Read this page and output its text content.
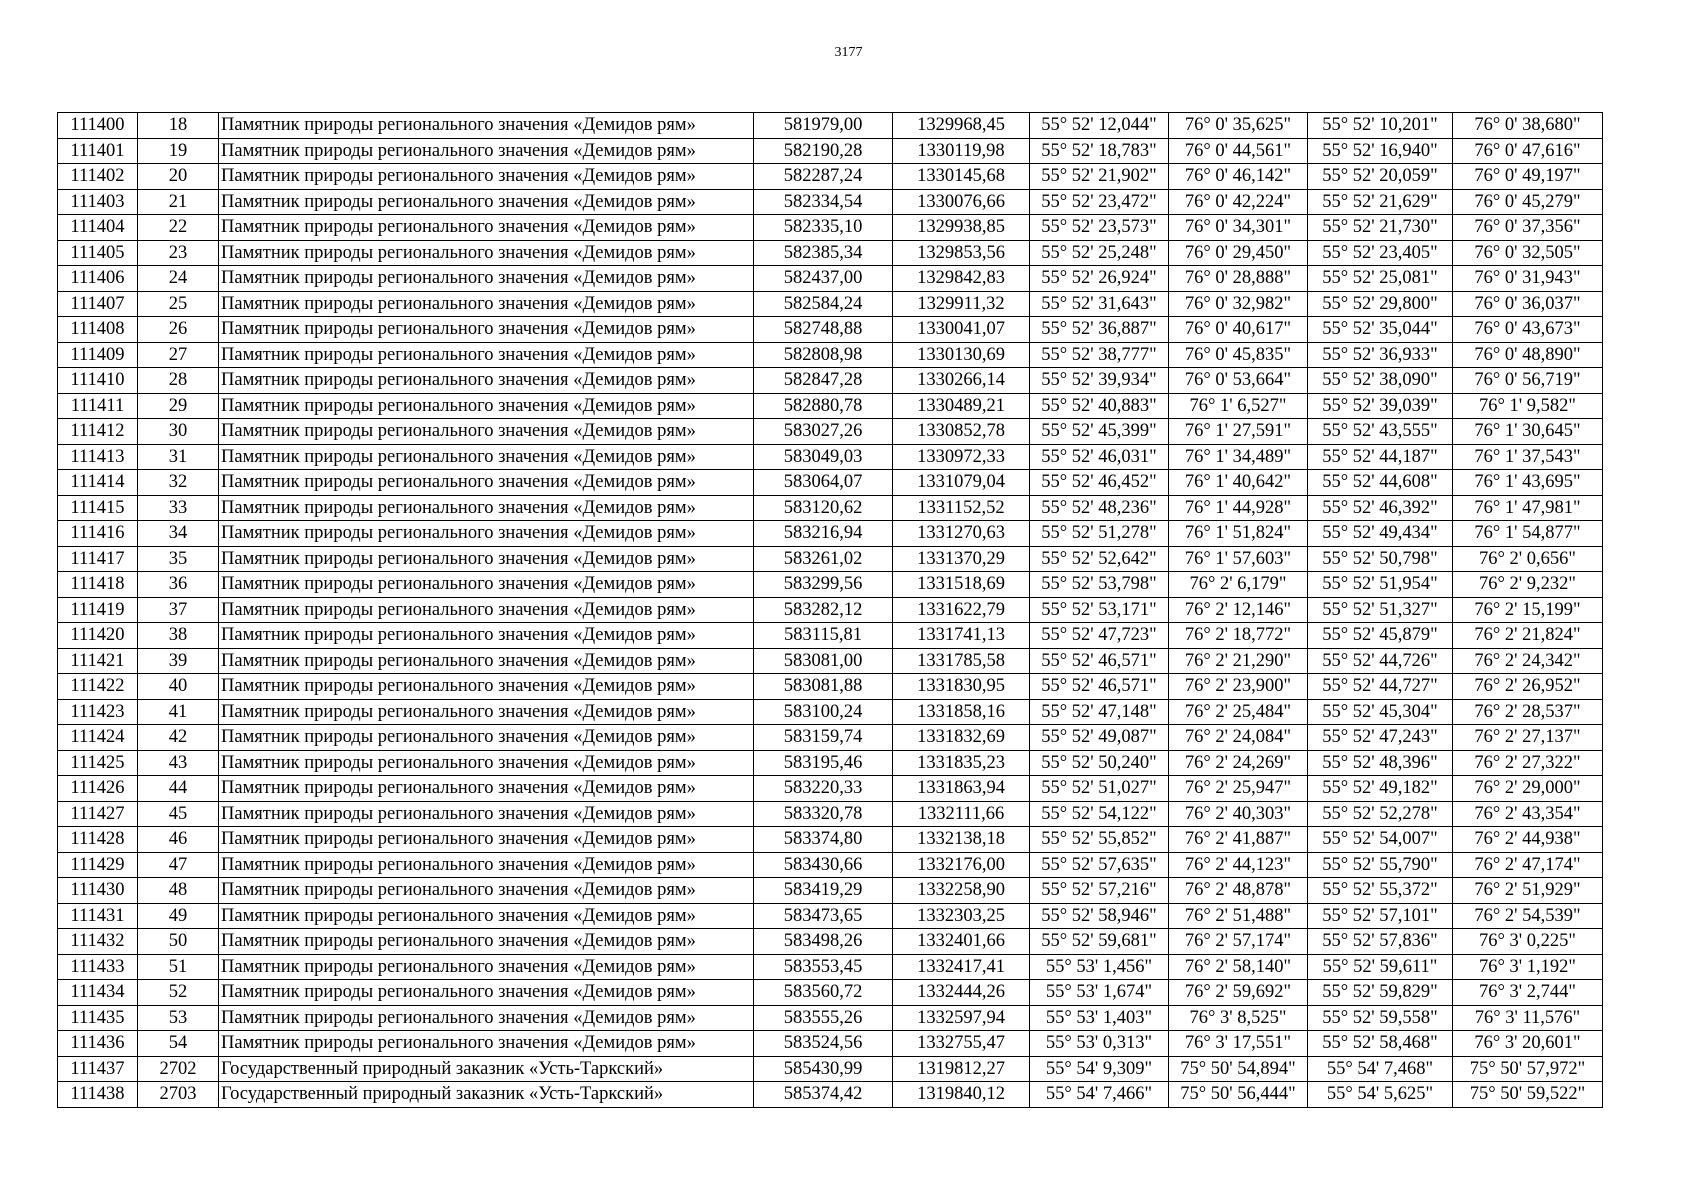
3177
111400	18	Памятник природы регионального значения «Демидов рям»	581979,00	1329968,45	55° 52' 12,044"	76° 0' 35,625"	55° 52' 10,201"	76° 0' 38,680"
111401	19	Памятник природы регионального значения «Демидов рям»	582190,28	1330119,98	55° 52' 18,783"	76° 0' 44,561"	55° 52' 16,940"	76° 0' 47,616"
111402	20	Памятник природы регионального значения «Демидов рям»	582287,24	1330145,68	55° 52' 21,902"	76° 0' 46,142"	55° 52' 20,059"	76° 0' 49,197"
111403	21	Памятник природы регионального значения «Демидов рям»	582334,54	1330076,66	55° 52' 23,472"	76° 0' 42,224"	55° 52' 21,629"	76° 0' 45,279"
111404	22	Памятник природы регионального значения «Демидов рям»	582335,10	1329938,85	55° 52' 23,573"	76° 0' 34,301"	55° 52' 21,730"	76° 0' 37,356"
111405	23	Памятник природы регионального значения «Демидов рям»	582385,34	1329853,56	55° 52' 25,248"	76° 0' 29,450"	55° 52' 23,405"	76° 0' 32,505"
111406	24	Памятник природы регионального значения «Демидов рям»	582437,00	1329842,83	55° 52' 26,924"	76° 0' 28,888"	55° 52' 25,081"	76° 0' 31,943"
111407	25	Памятник природы регионального значения «Демидов рям»	582584,24	1329911,32	55° 52' 31,643"	76° 0' 32,982"	55° 52' 29,800"	76° 0' 36,037"
111408	26	Памятник природы регионального значения «Демидов рям»	582748,88	1330041,07	55° 52' 36,887"	76° 0' 40,617"	55° 52' 35,044"	76° 0' 43,673"
111409	27	Памятник природы регионального значения «Демидов рям»	582808,98	1330130,69	55° 52' 38,777"	76° 0' 45,835"	55° 52' 36,933"	76° 0' 48,890"
111410	28	Памятник природы регионального значения «Демидов рям»	582847,28	1330266,14	55° 52' 39,934"	76° 0' 53,664"	55° 52' 38,090"	76° 0' 56,719"
111411	29	Памятник природы регионального значения «Демидов рям»	582880,78	1330489,21	55° 52' 40,883"	76° 1' 6,527"	55° 52' 39,039"	76° 1' 9,582"
111412	30	Памятник природы регионального значения «Демидов рям»	583027,26	1330852,78	55° 52' 45,399"	76° 1' 27,591"	55° 52' 43,555"	76° 1' 30,645"
111413	31	Памятник природы регионального значения «Демидов рям»	583049,03	1330972,33	55° 52' 46,031"	76° 1' 34,489"	55° 52' 44,187"	76° 1' 37,543"
111414	32	Памятник природы регионального значения «Демидов рям»	583064,07	1331079,04	55° 52' 46,452"	76° 1' 40,642"	55° 52' 44,608"	76° 1' 43,695"
111415	33	Памятник природы регионального значения «Демидов рям»	583120,62	1331152,52	55° 52' 48,236"	76° 1' 44,928"	55° 52' 46,392"	76° 1' 47,981"
111416	34	Памятник природы регионального значения «Демидов рям»	583216,94	1331270,63	55° 52' 51,278"	76° 1' 51,824"	55° 52' 49,434"	76° 1' 54,877"
111417	35	Памятник природы регионального значения «Демидов рям»	583261,02	1331370,29	55° 52' 52,642"	76° 1' 57,603"	55° 52' 50,798"	76° 2' 0,656"
111418	36	Памятник природы регионального значения «Демидов рям»	583299,56	1331518,69	55° 52' 53,798"	76° 2' 6,179"	55° 52' 51,954"	76° 2' 9,232"
111419	37	Памятник природы регионального значения «Демидов рям»	583282,12	1331622,79	55° 52' 53,171"	76° 2' 12,146"	55° 52' 51,327"	76° 2' 15,199"
111420	38	Памятник природы регионального значения «Демидов рям»	583115,81	1331741,13	55° 52' 47,723"	76° 2' 18,772"	55° 52' 45,879"	76° 2' 21,824"
111421	39	Памятник природы регионального значения «Демидов рям»	583081,00	1331785,58	55° 52' 46,571"	76° 2' 21,290"	55° 52' 44,726"	76° 2' 24,342"
111422	40	Памятник природы регионального значения «Демидов рям»	583081,88	1331830,95	55° 52' 46,571"	76° 2' 23,900"	55° 52' 44,727"	76° 2' 26,952"
111423	41	Памятник природы регионального значения «Демидов рям»	583100,24	1331858,16	55° 52' 47,148"	76° 2' 25,484"	55° 52' 45,304"	76° 2' 28,537"
111424	42	Памятник природы регионального значения «Демидов рям»	583159,74	1331832,69	55° 52' 49,087"	76° 2' 24,084"	55° 52' 47,243"	76° 2' 27,137"
111425	43	Памятник природы регионального значения «Демидов рям»	583195,46	1331835,23	55° 52' 50,240"	76° 2' 24,269"	55° 52' 48,396"	76° 2' 27,322"
111426	44	Памятник природы регионального значения «Демидов рям»	583220,33	1331863,94	55° 52' 51,027"	76° 2' 25,947"	55° 52' 49,182"	76° 2' 29,000"
111427	45	Памятник природы регионального значения «Демидов рям»	583320,78	1332111,66	55° 52' 54,122"	76° 2' 40,303"	55° 52' 52,278"	76° 2' 43,354"
111428	46	Памятник природы регионального значения «Демидов рям»	583374,80	1332138,18	55° 52' 55,852"	76° 2' 41,887"	55° 52' 54,007"	76° 2' 44,938"
111429	47	Памятник природы регионального значения «Демидов рям»	583430,66	1332176,00	55° 52' 57,635"	76° 2' 44,123"	55° 52' 55,790"	76° 2' 47,174"
111430	48	Памятник природы регионального значения «Демидов рям»	583419,29	1332258,90	55° 52' 57,216"	76° 2' 48,878"	55° 52' 55,372"	76° 2' 51,929"
111431	49	Памятник природы регионального значения «Демидов рям»	583473,65	1332303,25	55° 52' 58,946"	76° 2' 51,488"	55° 52' 57,101"	76° 2' 54,539"
111432	50	Памятник природы регионального значения «Демидов рям»	583498,26	1332401,66	55° 52' 59,681"	76° 2' 57,174"	55° 52' 57,836"	76° 3' 0,225"
111433	51	Памятник природы регионального значения «Демидов рям»	583553,45	1332417,41	55° 53' 1,456"	76° 2' 58,140"	55° 52' 59,611"	76° 3' 1,192"
111434	52	Памятник природы регионального значения «Демидов рям»	583560,72	1332444,26	55° 53' 1,674"	76° 2' 59,692"	55° 52' 59,829"	76° 3' 2,744"
111435	53	Памятник природы регионального значения «Демидов рям»	583555,26	1332597,94	55° 53' 1,403"	76° 3' 8,525"	55° 52' 59,558"	76° 3' 11,576"
111436	54	Памятник природы регионального значения «Демидов рям»	583524,56	1332755,47	55° 53' 0,313"	76° 3' 17,551"	55° 52' 58,468"	76° 3' 20,601"
111437	2702	Государственный природный заказник «Усть-Таркский»	585430,99	1319812,27	55° 54' 9,309"	75° 50' 54,894"	55° 54' 7,468"	75° 50' 57,972"
111438	2703	Государственный природный заказник «Усть-Таркский»	585374,42	1319840,12	55° 54' 7,466"	75° 50' 56,444"	55° 54' 5,625"	75° 50' 59,522"
